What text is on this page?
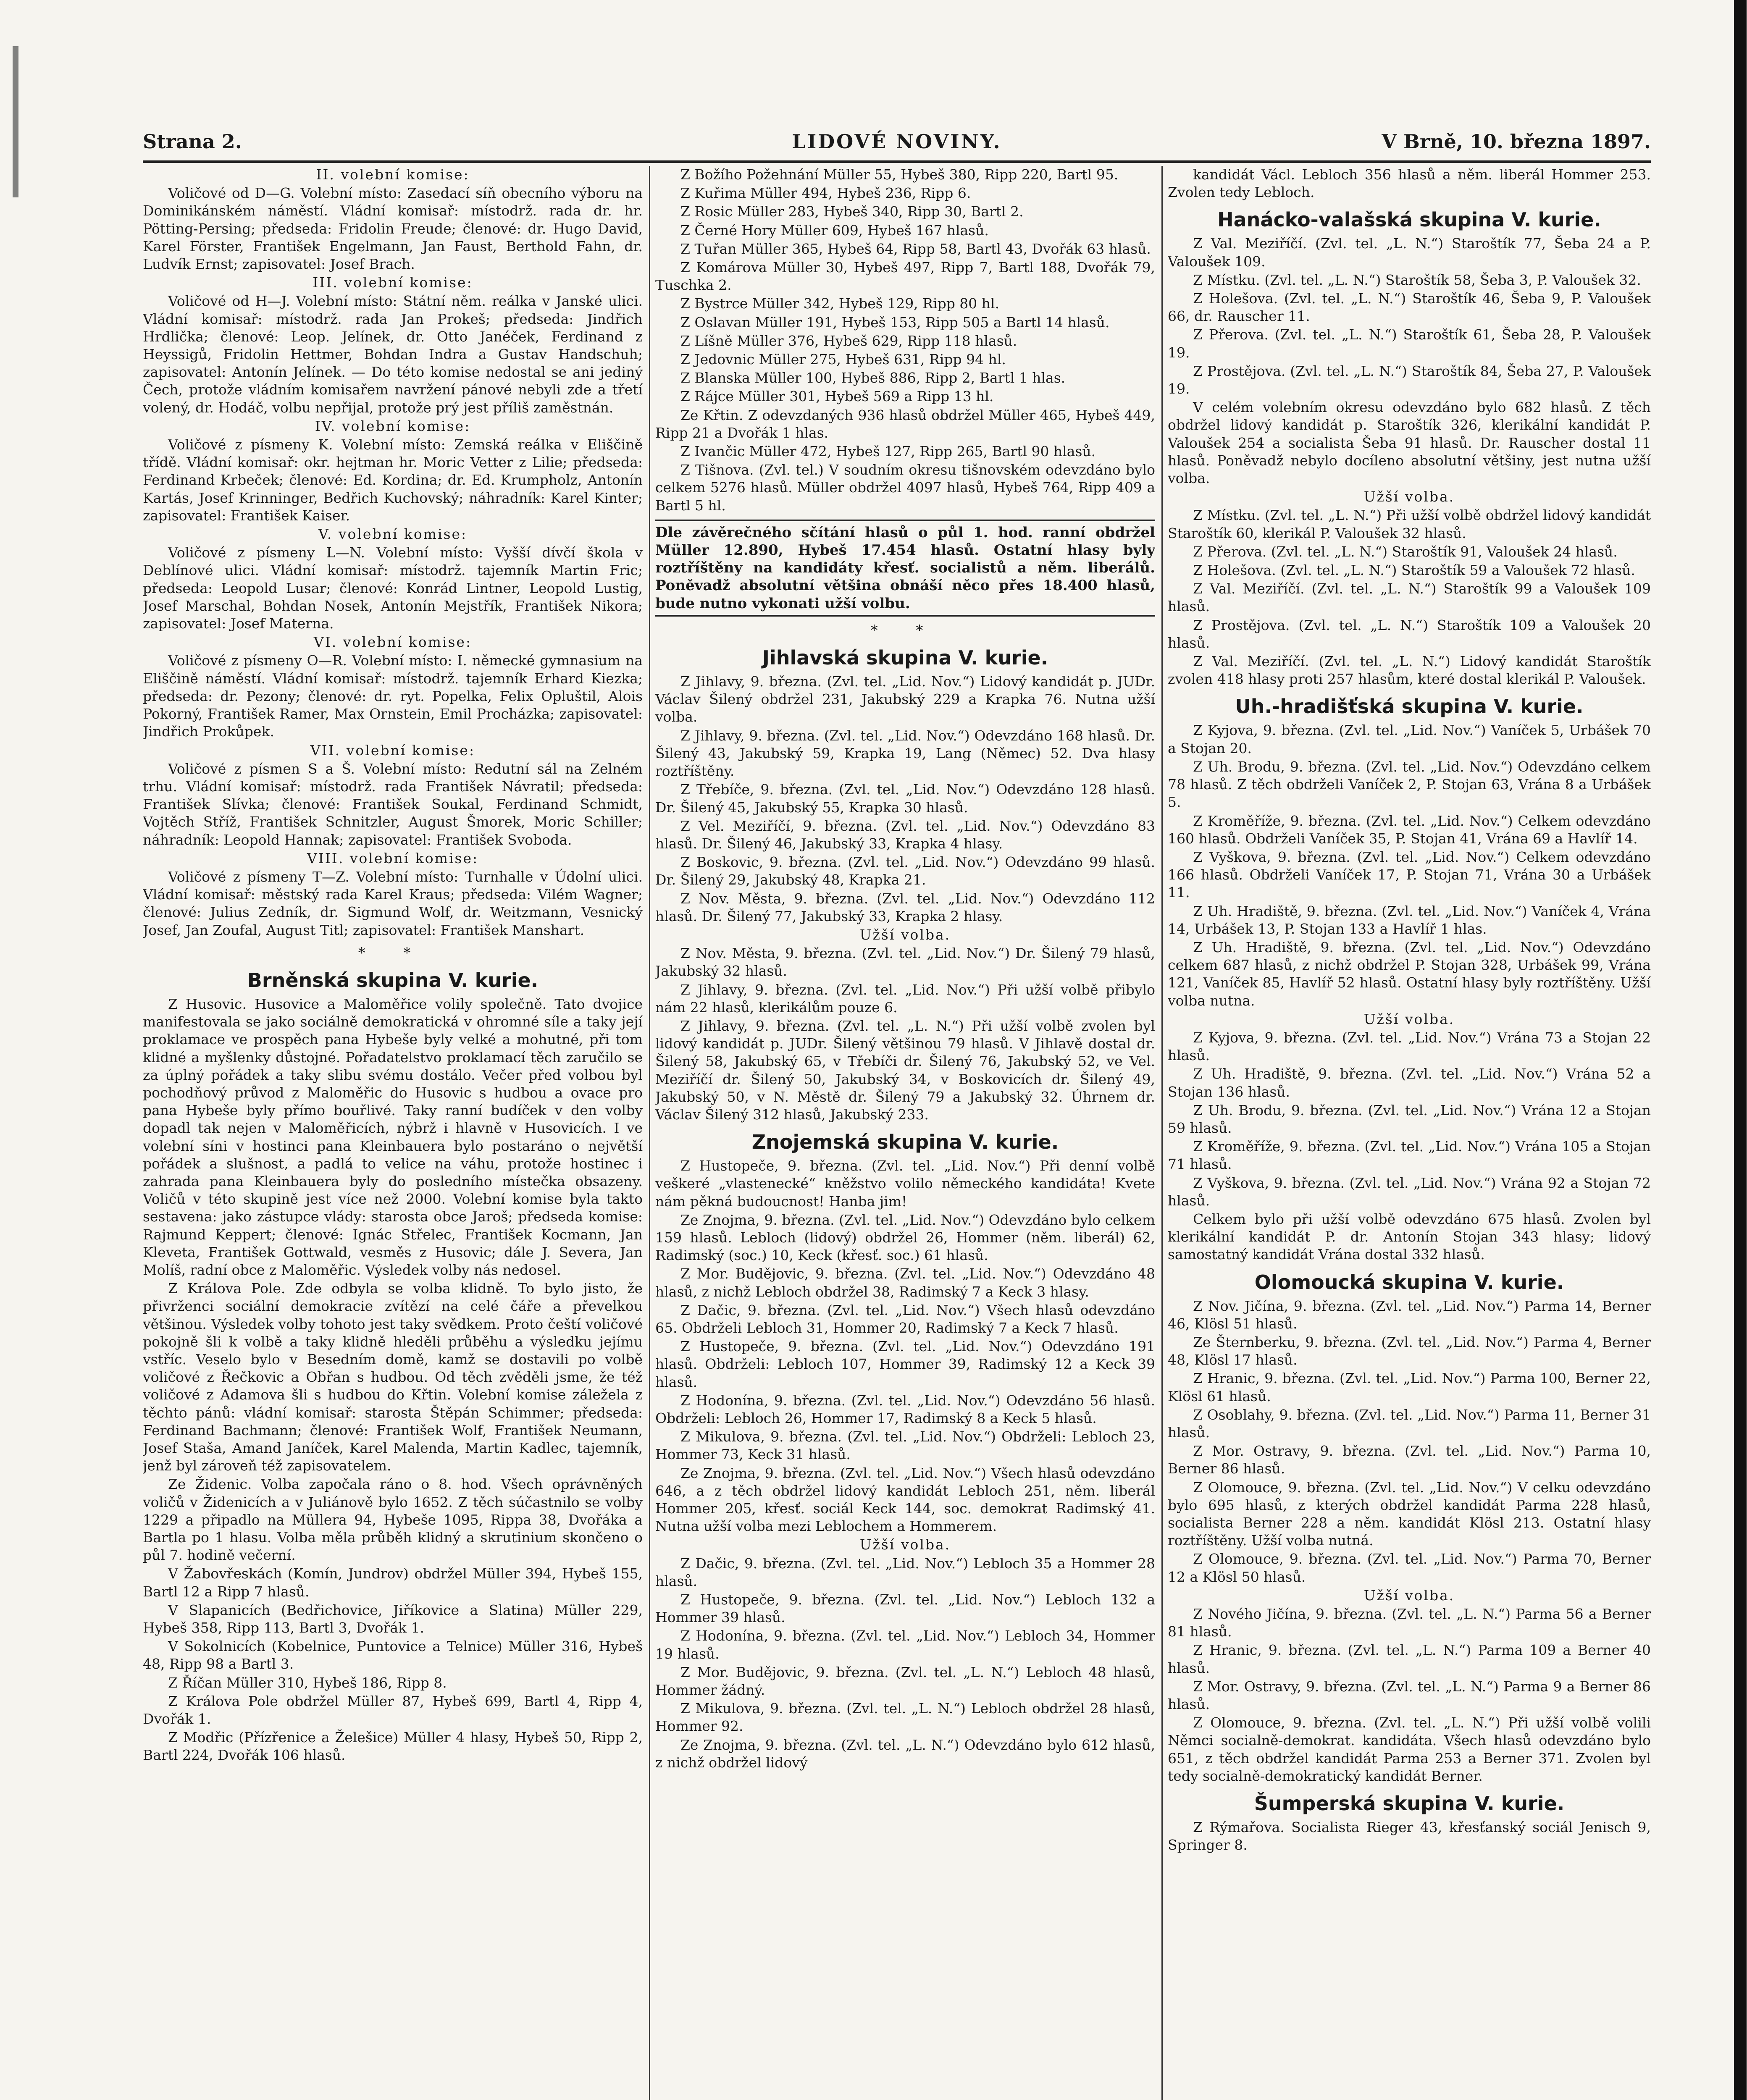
Strana 2.	LIDOVÉ NOVINY.	V Brně, 10. března 1897.

II. volební komise:

Voličové od D—G. Volební místo: Zasedací síň obecního výboru na Dominikánském náměstí. Vládní komisař: místodrž. rada dr. hr. Pötting-Persing; předseda: Fridolin Freude; členové: dr. Hugo David, Karel Förster, František Engelmann, Jan Faust, Berthold Fahn, dr. Ludvík Ernst; zapisovatel: Josef Brach.

III. volební komise:

Voličové od H—J. Volební místo: Státní něm. reálka v Janské ulici. Vládní komisař: místodrž. rada Jan Prokeš; předseda: Jindřich Hrdlička; členové: Leop. Jelínek, dr. Otto Janéček, Ferdinand z Heyssigů, Fridolin Hettmer, Bohdan Indra a Gustav Handschuh; zapisovatel: Antonín Jelínek. — Do této komise nedostal se ani jediný Čech, protože vládním komisařem navržení pánové nebyli zde a třetí volený, dr. Hodáč, volbu nepřijal, protože prý jest příliš zaměstnán.

IV. volební komise:

Voličové z písmeny K. Volební místo: Zemská reálka v Eliščině třídě. Vládní komisař: okr. hejtman hr. Moric Vetter z Lilie; předseda: Ferdinand Krbeček; členové: Ed. Kordina; dr. Ed. Krumpholz, Antonín Kartás, Josef Krinninger, Bedřich Kuchovský; náhradník: Karel Kinter; zapisovatel: František Kaiser.

V. volební komise:

Voličové z písmeny L—N. Volební místo: Vyšší dívčí škola v Deblínové ulici. Vládní komisař: místodrž. tajemník Martin Fric; předseda: Leopold Lusar; členové: Konrád Lintner, Leopold Lustig, Josef Marschal, Bohdan Nosek, Antonín Mejstřík, František Nikora; zapisovatel: Josef Materna.

VI. volební komise:

Voličové z písmeny O—R. Volební místo: I. německé gymnasium na Eliščině náměstí. Vládní komisař: místodrž. tajemník Erhard Kiezka; předseda: dr. Pezony; členové: dr. ryt. Popelka, Felix Opluštil, Alois Pokorný, František Ramer, Max Ornstein, Emil Procházka; zapisovatel: Jindřich Prokůpek.

VII. volební komise:

Voličové z písmen S a Š. Volební místo: Redutní sál na Zelném trhu. Vládní komisař: místodrž. rada František Návratil; předseda: František Slívka; členové: František Soukal, Ferdinand Schmidt, Vojtěch Stříž, František Schnitzler, August Šmorek, Moric Schiller; náhradník: Leopold Hannak; zapisovatel: František Svoboda.

VIII. volební komise:

Voličové z písmeny T—Z. Volební místo: Turnhalle v Údolní ulici. Vládní komisař: městský rada Karel Kraus; předseda: Vilém Wagner; členové: Julius Zedník, dr. Sigmund Wolf, dr. Weitzmann, Vesnický Josef, Jan Zoufal, August Titl; zapisovatel: František Manshart.

* *
Brněnská skupina V. kurie.

Z Husovic. Husovice a Maloměřice volily společně. Tato dvojice manifestovala se jako sociálně demokratická v ohromné síle a taky její proklamace ve prospěch pana Hybeše byly velké a mohutné, při tom klidné a myšlenky důstojné. Pořadatelstvo proklamací těch zaručilo se za úplný pořádek a taky slibu svému dostálo. Večer před volbou byl pochodňový průvod z Maloměřic do Husovic s hudbou a ovace pro pana Hybeše byly přímo bouřlivé. Taky ranní budíček v den volby dopadl tak nejen v Maloměřicích, nýbrž i hlavně v Husovicích. I ve volební síni v hostinci pana Kleinbauera bylo postaráno o největší pořádek a slušnost, a padlá to velice na váhu, protože hostinec i zahrada pana Kleinbauera byly do posledního místečka obsazeny. Voličů v této skupině jest více než 2000. Volební komise byla takto sestavena: jako zástupce vlády: starosta obce Jaroš; předseda komise: Rajmund Keppert; členové: Ignác Střelec, František Kocmann, Jan Kleveta, František Gottwald, vesměs z Husovic; dále J. Severa, Jan Molíš, radní obce z Maloměřic. Výsledek volby nás nedosel.

Z Králova Pole. Zde odbyla se volba klidně. To bylo jisto, že přivrženci sociální demokracie zvítězí na celé čáře a převelkou většinou. Výsledek volby tohoto jest taky svědkem. Proto čeští voličové pokojně šli k volbě a taky klidně hleděli průběhu a výsledku jejímu vstříc. Veselo bylo v Besedním domě, kamž se dostavili po volbě voličové z Řečkovic a Obřan s hudbou. Od těch zvěděli jsme, že též voličové z Adamova šli s hudbou do Křtin. Volební komise záležela z těchto pánů: vládní komisař: starosta Štěpán Schimmer; předseda: Ferdinand Bachmann; členové: František Wolf, František Neumann, Josef Staša, Amand Janíček, Karel Malenda, Martin Kadlec, tajemník, jenž byl zároveň též zapisovatelem.

Ze Židenic. Volba započala ráno o 8. hod. Všech oprávněných voličů v Židenicích a v Juliánově bylo 1652. Z těch súčastnilo se volby 1229 a připadlo na Müllera 94, Hybeše 1095, Rippa 38, Dvořáka a Bartla po 1 hlasu. Volba měla průběh klidný a skrutinium skončeno o půl 7. hodině večerní.

V Žabovřeskách (Komín, Jundrov) obdržel Müller 394, Hybeš 155, Bartl 12 a Ripp 7 hlasů.

V Slapanicích (Bedřichovice, Jiříkovice a Slatina) Müller 229, Hybeš 358, Ripp 113, Bartl 3, Dvořák 1.

V Sokolnicích (Kobelnice, Puntovice a Telnice) Müller 316, Hybeš 48, Ripp 98 a Bartl 3.

Z Říčan Müller 310, Hybeš 186, Ripp 8.

Z Králova Pole obdržel Müller 87, Hybeš 699, Bartl 4, Ripp 4, Dvořák 1.

Z Modřic (Přízřenice a Želešice) Müller 4 hlasy, Hybeš 50, Ripp 2, Bartl 224, Dvořák 106 hlasů.

Z Božího Požehnání Müller 55, Hybeš 380, Ripp 220, Bartl 95.

Z Kuřima Müller 494, Hybeš 236, Ripp 6.

Z Rosic Müller 283, Hybeš 340, Ripp 30, Bartl 2.

Z Černé Hory Müller 609, Hybeš 167 hlasů.

Z Tuřan Müller 365, Hybeš 64, Ripp 58, Bartl 43, Dvořák 63 hlasů.

Z Komárova Müller 30, Hybeš 497, Ripp 7, Bartl 188, Dvořák 79, Tuschka 2.

Z Bystrce Müller 342, Hybeš 129, Ripp 80 hl.

Z Oslavan Müller 191, Hybeš 153, Ripp 505 a Bartl 14 hlasů.

Z Líšně Müller 376, Hybeš 629, Ripp 118 hlasů.

Z Jedovnic Müller 275, Hybeš 631, Ripp 94 hl.

Z Blanska Müller 100, Hybeš 886, Ripp 2, Bartl 1 hlas.

Z Rájce Müller 301, Hybeš 569 a Ripp 13 hl.

Ze Křtin. Z odevzdaných 936 hlasů obdržel Müller 465, Hybeš 449, Ripp 21 a Dvořák 1 hlas.

Z Ivančic Müller 472, Hybeš 127, Ripp 265, Bartl 90 hlasů.

Z Tišnova. (Zvl. tel.) V soudním okresu tišnovském odevzdáno bylo celkem 5276 hlasů. Müller obdržel 4097 hlasů, Hybeš 764, Ripp 409 a Bartl 5 hl.

Dle závěrečného sčítání hlasů o půl 1. hod. ranní obdržel Müller 12.890, Hybeš 17.454 hlasů. Ostatní hlasy byly roztříštěny na kandidáty křesť. socialistů a něm. liberálů. Poněvadž absolutní většina obnáší něco přes 18.400 hlasů, bude nutno vykonati užší volbu.
* *
Jihlavská skupina V. kurie.

Z Jihlavy, 9. března. (Zvl. tel. „Lid. Nov.“) Lidový kandidát p. JUDr. Václav Šilený obdržel 231, Jakubský 229 a Krapka 76. Nutna užší volba.

Z Jihlavy, 9. března. (Zvl. tel. „Lid. Nov.“) Odevzdáno 168 hlasů. Dr. Šilený 43, Jakubský 59, Krapka 19, Lang (Němec) 52. Dva hlasy roztříštěny.

Z Třebíče, 9. března. (Zvl. tel. „Lid. Nov.“) Odevzdáno 128 hlasů. Dr. Šilený 45, Jakubský 55, Krapka 30 hlasů.

Z Vel. Meziříčí, 9. března. (Zvl. tel. „Lid. Nov.“) Odevzdáno 83 hlasů. Dr. Šilený 46, Jakubský 33, Krapka 4 hlasy.

Z Boskovic, 9. března. (Zvl. tel. „Lid. Nov.“) Odevzdáno 99 hlasů. Dr. Šilený 29, Jakubský 48, Krapka 21.

Z Nov. Města, 9. března. (Zvl. tel. „Lid. Nov.“) Odevzdáno 112 hlasů. Dr. Šilený 77, Jakubský 33, Krapka 2 hlasy.

Užší volba.

Z Nov. Města, 9. března. (Zvl. tel. „Lid. Nov.“) Dr. Šilený 79 hlasů, Jakubský 32 hlasů.

Z Jihlavy, 9. března. (Zvl. tel. „Lid. Nov.“) Při užší volbě přibylo nám 22 hlasů, klerikálům pouze 6.

Z Jihlavy, 9. března. (Zvl. tel. „L. N.“) Při užší volbě zvolen byl lidový kandidát p. JUDr. Šilený většinou 79 hlasů. V Jihlavě dostal dr. Šilený 58, Jakubský 65, v Třebíči dr. Šilený 76, Jakubský 52, ve Vel. Meziříčí dr. Šilený 50, Jakubský 34, v Boskovicích dr. Šilený 49, Jakubský 50, v N. Městě dr. Šilený 79 a Jakubský 32. Úhrnem dr. Václav Šilený 312 hlasů, Jakubský 233.

Znojemská skupina V. kurie.

Z Hustopeče, 9. března. (Zvl. tel. „Lid. Nov.“) Při denní volbě veškeré „vlastenecké“ kněžstvo volilo německého kandidáta! Kvete nám pěkná budoucnost! Hanba jim!

Ze Znojma, 9. března. (Zvl. tel. „Lid. Nov.“) Odevzdáno bylo celkem 159 hlasů. Lebloch (lidový) obdržel 26, Hommer (něm. liberál) 62, Radimský (soc.) 10, Keck (křesť. soc.) 61 hlasů.

Z Mor. Budějovic, 9. března. (Zvl. tel. „Lid. Nov.“) Odevzdáno 48 hlasů, z nichž Lebloch obdržel 38, Radimský 7 a Keck 3 hlasy.

Z Dačic, 9. března. (Zvl. tel. „Lid. Nov.“) Všech hlasů odevzdáno 65. Obdrželi Lebloch 31, Hommer 20, Radimský 7 a Keck 7 hlasů.

Z Hustopeče, 9. března. (Zvl. tel. „Lid. Nov.“) Odevzdáno 191 hlasů. Obdrželi: Lebloch 107, Hommer 39, Radimský 12 a Keck 39 hlasů.

Z Hodonína, 9. března. (Zvl. tel. „Lid. Nov.“) Odevzdáno 56 hlasů. Obdrželi: Lebloch 26, Hommer 17, Radimský 8 a Keck 5 hlasů.

Z Mikulova, 9. března. (Zvl. tel. „Lid. Nov.“) Obdrželi: Lebloch 23, Hommer 73, Keck 31 hlasů.

Ze Znojma, 9. března. (Zvl. tel. „Lid. Nov.“) Všech hlasů odevzdáno 646, a z těch obdržel lidový kandidát Lebloch 251, něm. liberál Hommer 205, křesť. sociál Keck 144, soc. demokrat Radimský 41. Nutna užší volba mezi Leblochem a Hommerem.

Užší volba.

Z Dačic, 9. března. (Zvl. tel. „Lid. Nov.“) Lebloch 35 a Hommer 28 hlasů.

Z Hustopeče, 9. března. (Zvl. tel. „Lid. Nov.“) Lebloch 132 a Hommer 39 hlasů.

Z Hodonína, 9. března. (Zvl. tel. „Lid. Nov.“) Lebloch 34, Hommer 19 hlasů.

Z Mor. Budějovic, 9. března. (Zvl. tel. „L. N.“) Lebloch 48 hlasů, Hommer žádný.

Z Mikulova, 9. března. (Zvl. tel. „L. N.“) Lebloch obdržel 28 hlasů, Hommer 92.

Ze Znojma, 9. března. (Zvl. tel. „L. N.“) Odevzdáno bylo 612 hlasů, z nichž obdržel lidový

kandidát Václ. Lebloch 356 hlasů a něm. liberál Hommer 253. Zvolen tedy Lebloch.

Hanácko-valašská skupina V. kurie.

Z Val. Meziříčí. (Zvl. tel. „L. N.“) Staroštík 77, Šeba 24 a P. Valoušek 109.

Z Místku. (Zvl. tel. „L. N.“) Staroštík 58, Šeba 3, P. Valoušek 32.

Z Holešova. (Zvl. tel. „L. N.“) Staroštík 46, Šeba 9, P. Valoušek 66, dr. Rauscher 11.

Z Přerova. (Zvl. tel. „L. N.“) Staroštík 61, Šeba 28, P. Valoušek 19.

Z Prostějova. (Zvl. tel. „L. N.“) Staroštík 84, Šeba 27, P. Valoušek 19.

V celém volebním okresu odevzdáno bylo 682 hlasů. Z těch obdržel lidový kandidát p. Staroštík 326, klerikální kandidát P. Valoušek 254 a socialista Šeba 91 hlasů. Dr. Rauscher dostal 11 hlasů. Poněvadž nebylo docíleno absolutní většiny, jest nutna užší volba.

Užší volba.

Z Místku. (Zvl. tel. „L. N.“) Při užší volbě obdržel lidový kandidát Staroštík 60, klerikál P. Valoušek 32 hlasů.

Z Přerova. (Zvl. tel. „L. N.“) Staroštík 91, Valoušek 24 hlasů.

Z Holešova. (Zvl. tel. „L. N.“) Staroštík 59 a Valoušek 72 hlasů.

Z Val. Meziříčí. (Zvl. tel. „L. N.“) Staroštík 99 a Valoušek 109 hlasů.

Z Prostějova. (Zvl. tel. „L. N.“) Staroštík 109 a Valoušek 20 hlasů.

Z Val. Meziříčí. (Zvl. tel. „L. N.“) Lidový kandidát Staroštík zvolen 418 hlasy proti 257 hlasům, které dostal klerikál P. Valoušek.

Uh.-hradišťská skupina V. kurie.

Z Kyjova, 9. března. (Zvl. tel. „Lid. Nov.“) Vaníček 5, Urbášek 70 a Stojan 20.

Z Uh. Brodu, 9. března. (Zvl. tel. „Lid. Nov.“) Odevzdáno celkem 78 hlasů. Z těch obdrželi Vaníček 2, P. Stojan 63, Vrána 8 a Urbášek 5.

Z Kroměříže, 9. března. (Zvl. tel. „Lid. Nov.“) Celkem odevzdáno 160 hlasů. Obdrželi Vaníček 35, P. Stojan 41, Vrána 69 a Havlíř 14.

Z Vyškova, 9. března. (Zvl. tel. „Lid. Nov.“) Celkem odevzdáno 166 hlasů. Obdrželi Vaníček 17, P. Stojan 71, Vrána 30 a Urbášek 11.

Z Uh. Hradiště, 9. března. (Zvl. tel. „Lid. Nov.“) Vaníček 4, Vrána 14, Urbášek 13, P. Stojan 133 a Havlíř 1 hlas.

Z Uh. Hradiště, 9. března. (Zvl. tel. „Lid. Nov.“) Odevzdáno celkem 687 hlasů, z nichž obdržel P. Stojan 328, Urbášek 99, Vrána 121, Vaníček 85, Havlíř 52 hlasů. Ostatní hlasy byly roztříštěny. Užší volba nutna.

Užší volba.

Z Kyjova, 9. března. (Zvl. tel. „Lid. Nov.“) Vrána 73 a Stojan 22 hlasů.

Z Uh. Hradiště, 9. března. (Zvl. tel. „Lid. Nov.“) Vrána 52 a Stojan 136 hlasů.

Z Uh. Brodu, 9. března. (Zvl. tel. „Lid. Nov.“) Vrána 12 a Stojan 59 hlasů.

Z Kroměříže, 9. března. (Zvl. tel. „Lid. Nov.“) Vrána 105 a Stojan 71 hlasů.

Z Vyškova, 9. března. (Zvl. tel. „Lid. Nov.“) Vrána 92 a Stojan 72 hlasů.

Celkem bylo při užší volbě odevzdáno 675 hlasů. Zvolen byl klerikální kandidát P. dr. Antonín Stojan 343 hlasy; lidový samostatný kandidát Vrána dostal 332 hlasů.

Olomoucká skupina V. kurie.

Z Nov. Jičína, 9. března. (Zvl. tel. „Lid. Nov.“) Parma 14, Berner 46, Klösl 51 hlasů.

Ze Šternberku, 9. března. (Zvl. tel. „Lid. Nov.“) Parma 4, Berner 48, Klösl 17 hlasů.

Z Hranic, 9. března. (Zvl. tel. „Lid. Nov.“) Parma 100, Berner 22, Klösl 61 hlasů.

Z Osoblahy, 9. března. (Zvl. tel. „Lid. Nov.“) Parma 11, Berner 31 hlasů.

Z Mor. Ostravy, 9. března. (Zvl. tel. „Lid. Nov.“) Parma 10, Berner 86 hlasů.

Z Olomouce, 9. března. (Zvl. tel. „Lid. Nov.“) V celku odevzdáno bylo 695 hlasů, z kterých obdržel kandidát Parma 228 hlasů, socialista Berner 228 a něm. kandidát Klösl 213. Ostatní hlasy roztříštěny. Užší volba nutná.

Z Olomouce, 9. března. (Zvl. tel. „Lid. Nov.“) Parma 70, Berner 12 a Klösl 50 hlasů.

Užší volba.

Z Nového Jičína, 9. března. (Zvl. tel. „L. N.“) Parma 56 a Berner 81 hlasů.

Z Hranic, 9. března. (Zvl. tel. „L. N.“) Parma 109 a Berner 40 hlasů.

Z Mor. Ostravy, 9. března. (Zvl. tel. „L. N.“) Parma 9 a Berner 86 hlasů.

Z Olomouce, 9. března. (Zvl. tel. „L. N.“) Při užší volbě volili Němci socialně-demokrat. kandidáta. Všech hlasů odevzdáno bylo 651, z těch obdržel kandidát Parma 253 a Berner 371. Zvolen byl tedy socialně-demokratický kandidát Berner.

Šumperská skupina V. kurie.

Z Rýmařova. Socialista Rieger 43, křesťanský sociál Jenisch 9, Springer 8.
